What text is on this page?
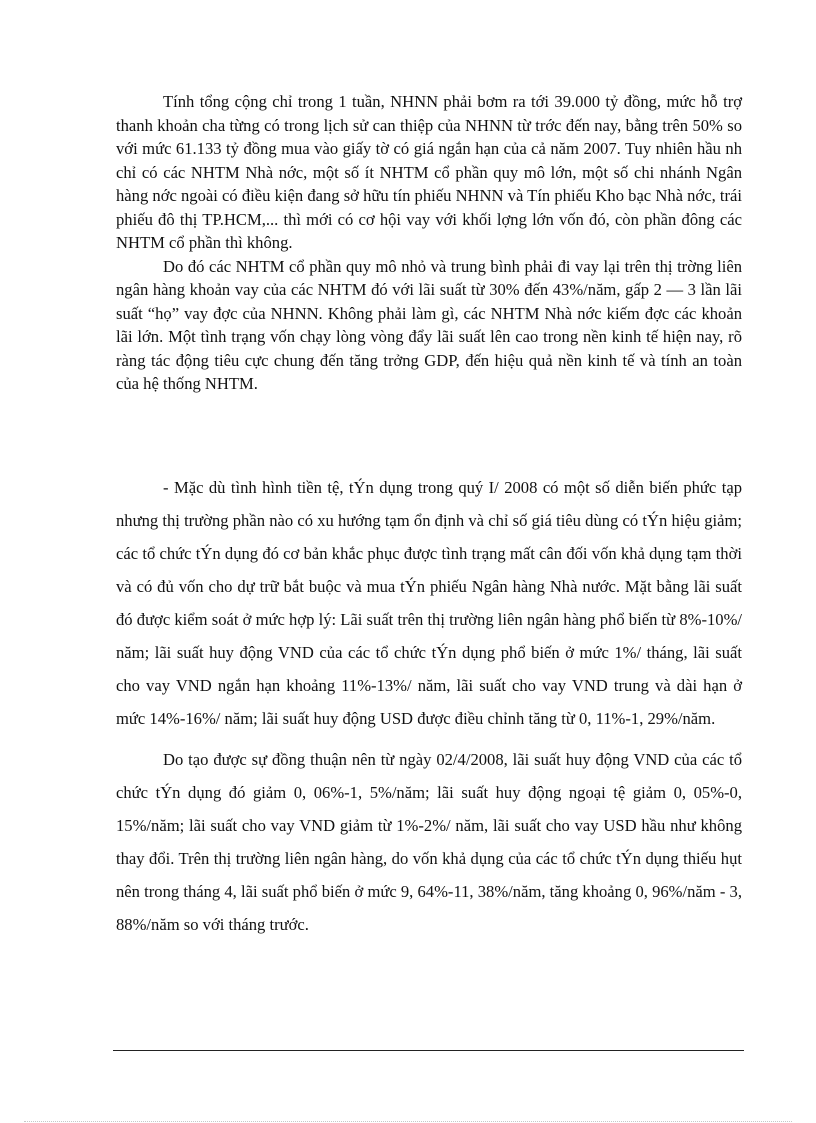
Tính tổng cộng chỉ trong 1 tuần, NHNN phải bơm ra tới 39.000 tỷ đồng, mức hỗ trợ thanh khoản cha từng có trong lịch sử can thiệp của NHNN từ trớc đến nay, bằng trên 50% so với mức 61.133 tỷ đồng mua vào giấy tờ có giá ngắn hạn của cả năm 2007. Tuy nhiên hầu nh chỉ có các NHTM Nhà nớc, một số ít NHTM cổ phần quy mô lớn, một số chi nhánh Ngân hàng nớc ngoài có điều kiện đang sở hữu tín phiếu NHNN và Tín phiếu Kho bạc Nhà nớc, trái phiếu đô thị TP.HCM,... thì mới có cơ hội vay với khối lợng lớn vốn đó, còn phần đông các NHTM cổ phần thì không.

Do đó các NHTM cổ phần quy mô nhỏ và trung bình phải đi vay lại trên thị trờng liên ngân hàng khoản vay của các NHTM đó với lãi suất từ 30% đến 43%/năm, gấp 2 — 3 lần lãi suất “họ” vay đợc của NHNN. Không phải làm gì, các NHTM Nhà nớc kiếm đợc các khoản lãi lớn. Một tình trạng vốn chạy lòng vòng đẩy lãi suất lên cao trong nền kinh tế hiện nay, rõ ràng tác động tiêu cực chung đến tăng trởng GDP, đến hiệu quả nền kinh tế và tính an toàn của hệ thống NHTM.

- Mặc dù tình hình tiền tệ, tÝn dụng trong quý I/ 2008 có một số diễn biến phức tạp nhưng thị trường phần nào có xu hướng tạm ổn định và chỉ số giá tiêu dùng có tÝn hiệu giảm; các tổ chức tÝn dụng đó cơ bản khắc phục được tình trạng mất cân đối vốn khả dụng tạm thời và có đủ vốn cho dự trữ bắt buộc và mua tÝn phiếu Ngân hàng Nhà nước. Mặt bằng lãi suất đó được kiểm soát ở mức hợp lý: Lãi suất trên thị trường liên ngân hàng phổ biến từ 8%-10%/ năm; lãi suất huy động VND của các tổ chức tÝn dụng phổ biến ở mức 1%/ tháng, lãi suất cho vay VND ngắn hạn khoảng 11%-13%/ năm, lãi suất cho vay VND trung và dài hạn ở mức 14%-16%/ năm; lãi suất huy động USD được điều chỉnh tăng từ 0, 11%-1, 29%/năm.

Do tạo được sự đồng thuận nên từ ngày 02/4/2008, lãi suất huy động VND của các tổ chức tÝn dụng đó giảm 0, 06%-1, 5%/năm; lãi suất huy động ngoại tệ giảm 0, 05%-0, 15%/năm; lãi suất cho vay VND giảm từ 1%-2%/ năm, lãi suất cho vay USD hầu như không thay đổi. Trên thị trường liên ngân hàng, do vốn khả dụng của các tổ chức tÝn dụng thiếu hụt nên trong tháng 4, lãi suất phổ biến ở mức 9, 64%-11, 38%/năm, tăng khoảng 0, 96%/năm - 3, 88%/năm so với tháng trước.
